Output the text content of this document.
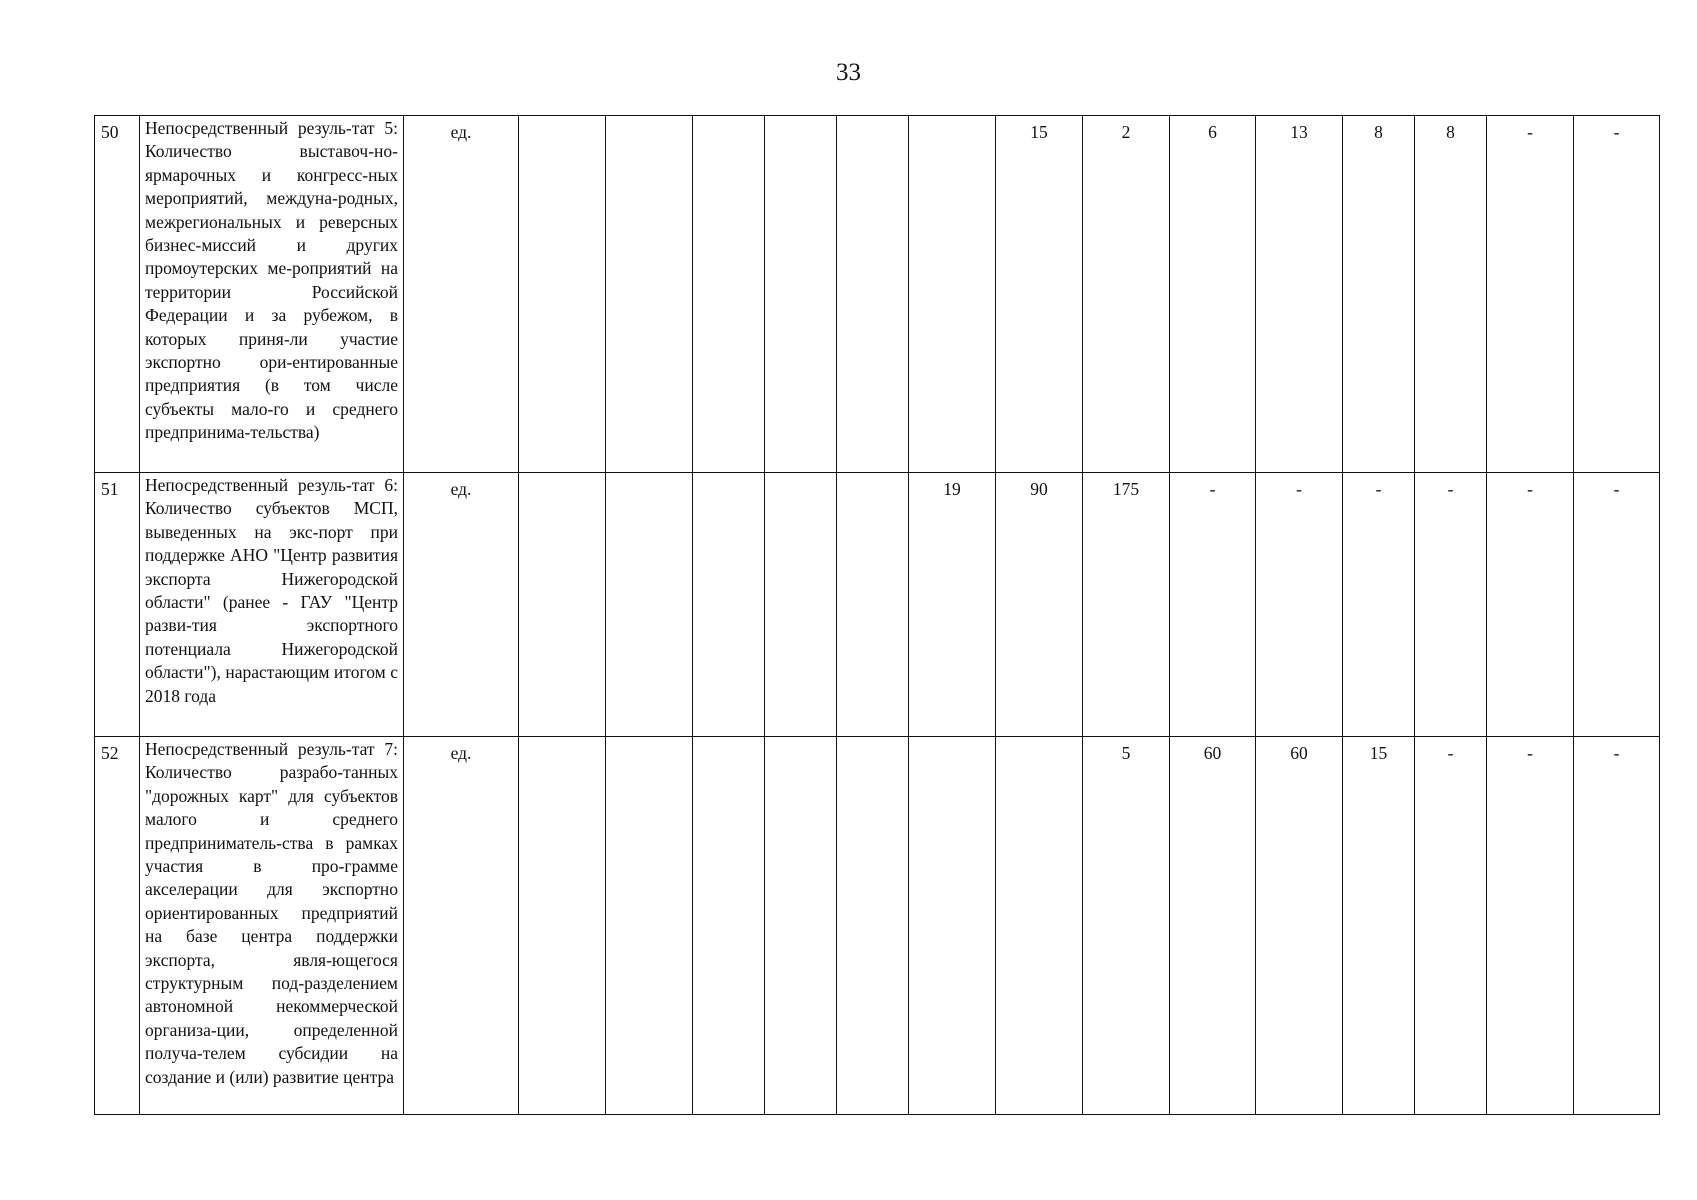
33
50	Непосредственный резуль-тат 5: Количество выставоч-но-ярмарочных и конгресс-ных мероприятий, междуна-родных, межрегиональных и реверсных бизнес-миссий и других промоутерских ме-роприятий на территории Российской Федерации и за рубежом, в которых приня-ли участие экспортно ори-ентированные предприятия (в том числе субъекты мало-го и среднего предпринима-тельства)	ед.							15	2	6	13	8	8	-	-
51	Непосредственный резуль-тат 6: Количество субъектов МСП, выведенных на экс-порт при поддержке АНО "Центр развития экспорта Нижегородской области" (ранее - ГАУ "Центр разви-тия экспортного потенциала Нижегородской области"), нарастающим итогом с 2018 года	ед.						19	90	175	-	-	-	-	-	-
52	Непосредственный резуль-тат 7: Количество разрабо-танных "дорожных карт" для субъектов малого и среднего предприниматель-ства в рамках участия в про-грамме акселерации для экспортно ориентированных предприятий на базе центра поддержки экспорта, явля-ющегося структурным под-разделением автономной некоммерческой организа-ции, определенной получа-телем субсидии на создание и (или) развитие центра	ед.								5	60	60	15	-	-	-
